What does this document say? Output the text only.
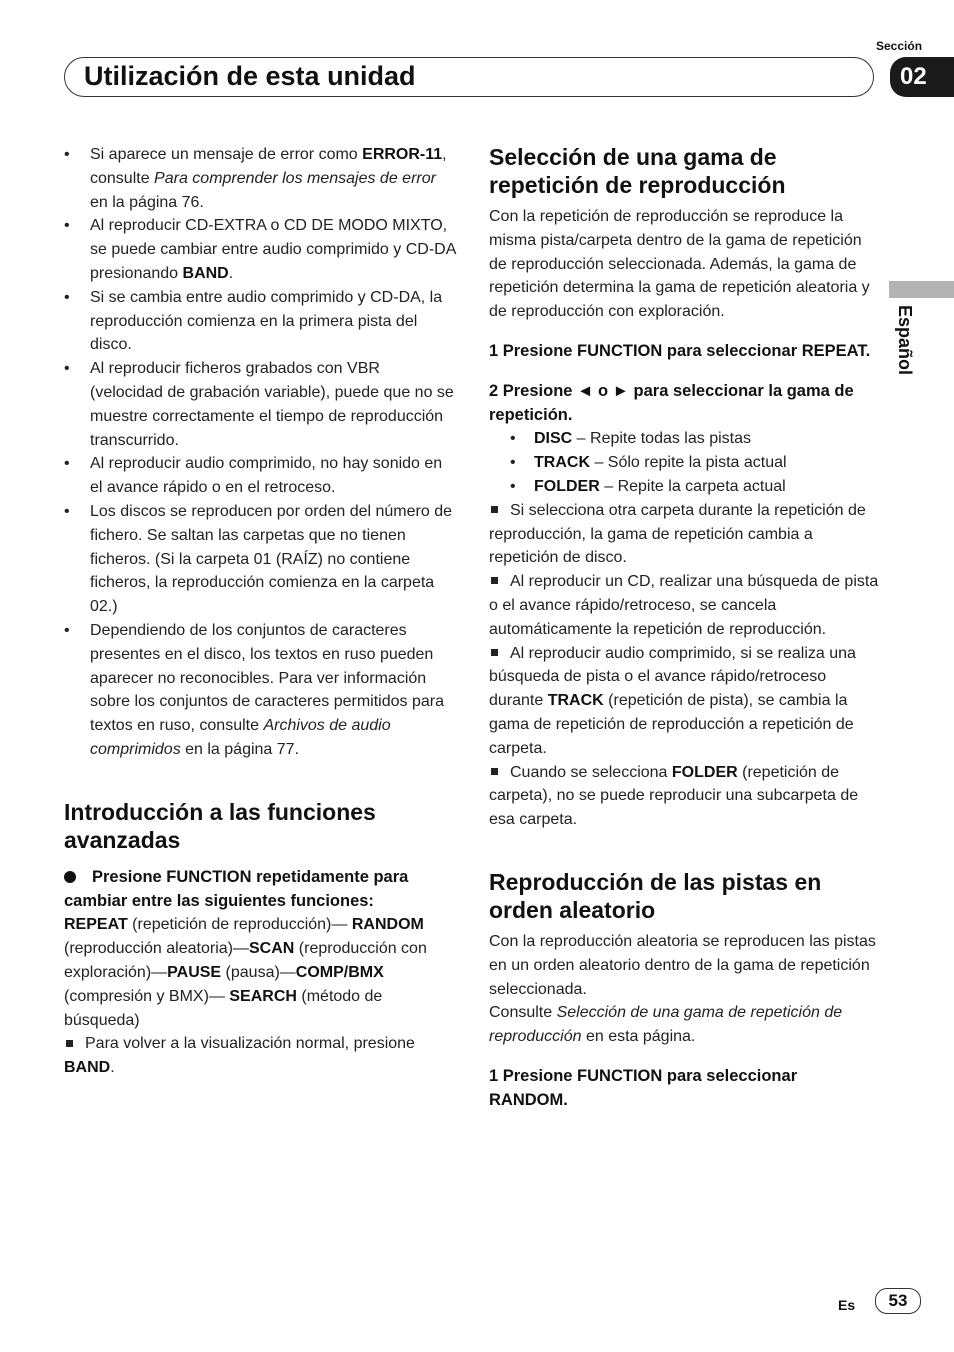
Utilización de esta unidad
Sección
02
Español

• Si aparece un mensaje de error como ERROR-11, consulte Para comprender los mensajes de error en la página 76.

• Al reproducir CD-EXTRA o CD DE MODO MIXTO, se puede cambiar entre audio comprimido y CD-DA presionando BAND.

• Si se cambia entre audio comprimido y CD-DA, la reproducción comienza en la primera pista del disco.

• Al reproducir ficheros grabados con VBR (velocidad de grabación variable), puede que no se muestre correctamente el tiempo de reproducción transcurrido.

• Al reproducir audio comprimido, no hay sonido en el avance rápido o en el retroceso.

• Los discos se reproducen por orden del número de fichero. Se saltan las carpetas que no tienen ficheros. (Si la carpeta 01 (RAÍZ) no contiene ficheros, la reproducción comienza en la carpeta 02.)

• Dependiendo de los conjuntos de caracteres presentes en el disco, los textos en ruso pueden aparecer no reconocibles. Para ver información sobre los conjuntos de caracteres permitidos para textos en ruso, consulte Archivos de audio comprimidos en la página 77.

Introducción a las funciones avanzadas

Presione FUNCTION repetidamente para cambiar entre las siguientes funciones:

REPEAT (repetición de reproducción)— RANDOM (reproducción aleatoria)—SCAN (reproducción con exploración)—PAUSE (pausa)—COMP/BMX (compresión y BMX)— SEARCH (método de búsqueda)

Para volver a la visualización normal, presione BAND.

Selección de una gama de repetición de reproducción

Con la repetición de reproducción se reproduce la misma pista/carpeta dentro de la gama de repetición de reproducción seleccionada. Además, la gama de repetición determina la gama de repetición aleatoria y de reproducción con exploración.

1 Presione FUNCTION para seleccionar REPEAT.

2 Presione ◄ o ► para seleccionar la gama de repetición.

• DISC – Repite todas las pistas

• TRACK – Sólo repite la pista actual

• FOLDER – Repite la carpeta actual

Si selecciona otra carpeta durante la repetición de reproducción, la gama de repetición cambia a repetición de disco.

Al reproducir un CD, realizar una búsqueda de pista o el avance rápido/retroceso, se cancela automáticamente la repetición de reproducción.

Al reproducir audio comprimido, si se realiza una búsqueda de pista o el avance rápido/retroceso durante TRACK (repetición de pista), se cambia la gama de repetición de reproducción a repetición de carpeta.

Cuando se selecciona FOLDER (repetición de carpeta), no se puede reproducir una subcarpeta de esa carpeta.

Reproducción de las pistas en orden aleatorio

Con la reproducción aleatoria se reproducen las pistas en un orden aleatorio dentro de la gama de repetición seleccionada.

Consulte Selección de una gama de repetición de reproducción en esta página.

1 Presione FUNCTION para seleccionar RANDOM.

Es	53
